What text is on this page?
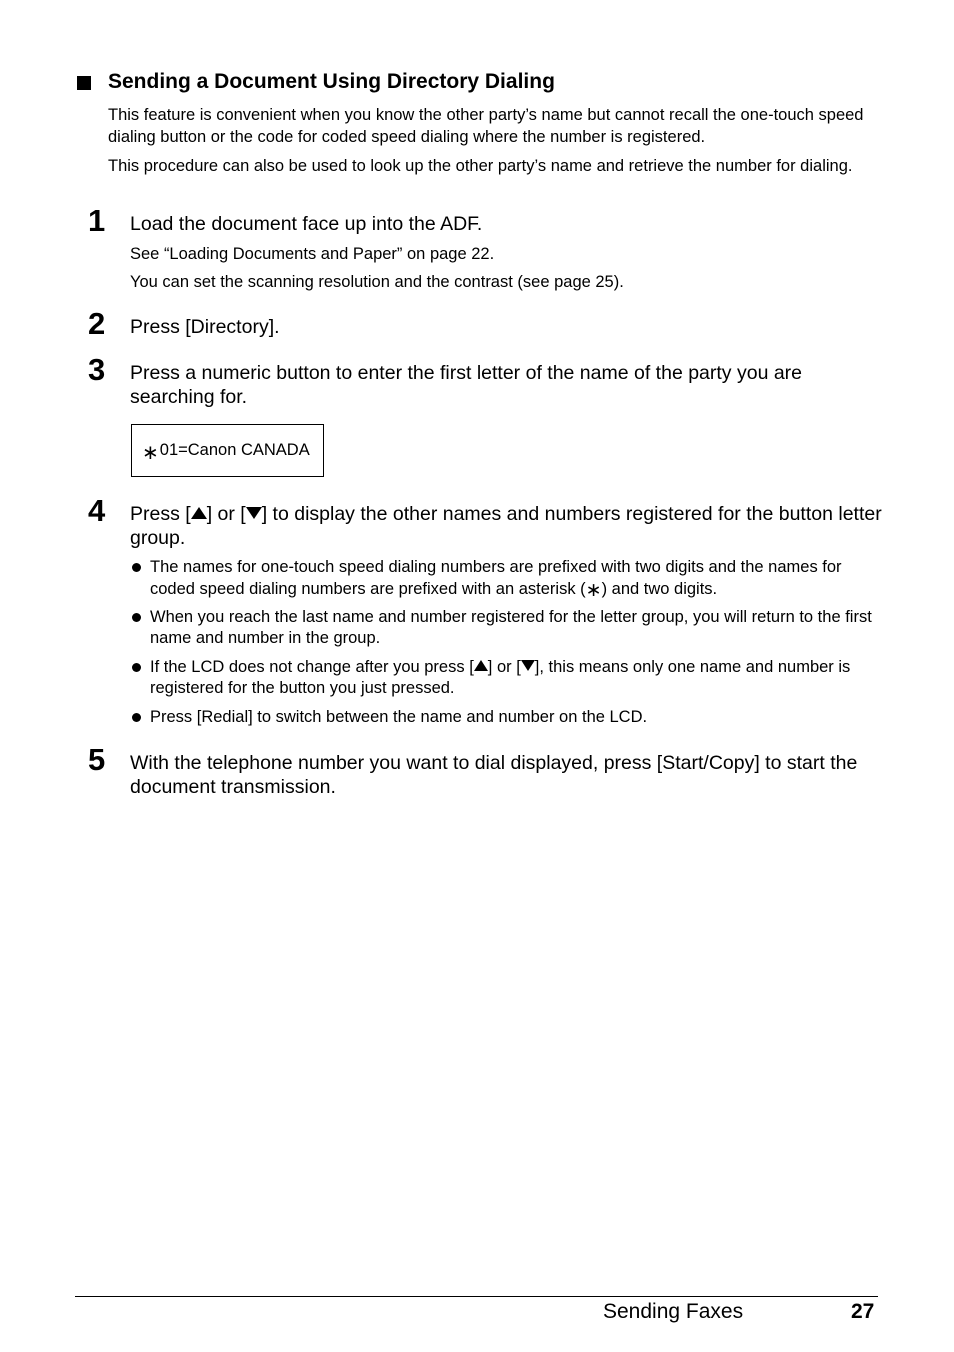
Sending a Document Using Directory Dialing
This feature is convenient when you know the other party’s name but cannot recall the one-touch speed dialing button or the code for coded speed dialing where the number is registered.
This procedure can also be used to look up the other party’s name and retrieve the number for dialing.
1 Load the document face up into the ADF.
See “Loading Documents and Paper” on page 22.
You can set the scanning resolution and the contrast (see page 25).
2 Press [Directory].
3 Press a numeric button to enter the first letter of the name of the party you are searching for.
∗ 01=Canon CANADA
4 Press [ ] or [ ] to display the other names and numbers registered for the button letter group.
The names for one-touch speed dialing numbers are prefixed with two digits and the names for coded speed dialing numbers are prefixed with an asterisk (∗) and two digits.
When you reach the last name and number registered for the letter group, you will return to the first name and number in the group.
If the LCD does not change after you press [ ] or [ ], this means only one name and number is registered for the button you just pressed.
Press [Redial] to switch between the name and number on the LCD.
5 With the telephone number you want to dial displayed, press [Start/Copy] to start the document transmission.
Sending Faxes	27
